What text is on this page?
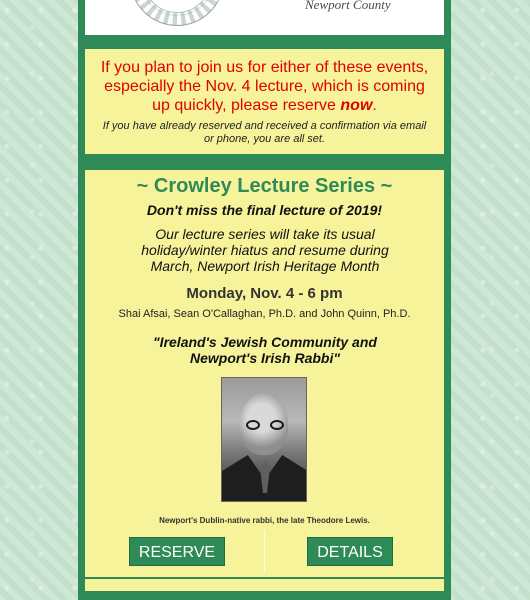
Newport County
If you plan to join us for either of these events, especially the Nov. 4 lecture, which is coming up quickly, please reserve now.
If you have already reserved and received a confirmation via email or phone, you are all set.
~ Crowley Lecture Series ~
Don't miss the final lecture of 2019!
Our lecture series will take its usual holiday/winter hiatus and resume during March, Newport Irish Heritage Month
Monday, Nov. 4 - 6 pm
Shai Afsai, Sean O'Callaghan, Ph.D. and John Quinn, Ph.D.
"Ireland's Jewish Community and Newport's Irish Rabbi"
Newport's Dublin-native rabbi, the late Theodore Lewis.
RESERVE	DETAILS
